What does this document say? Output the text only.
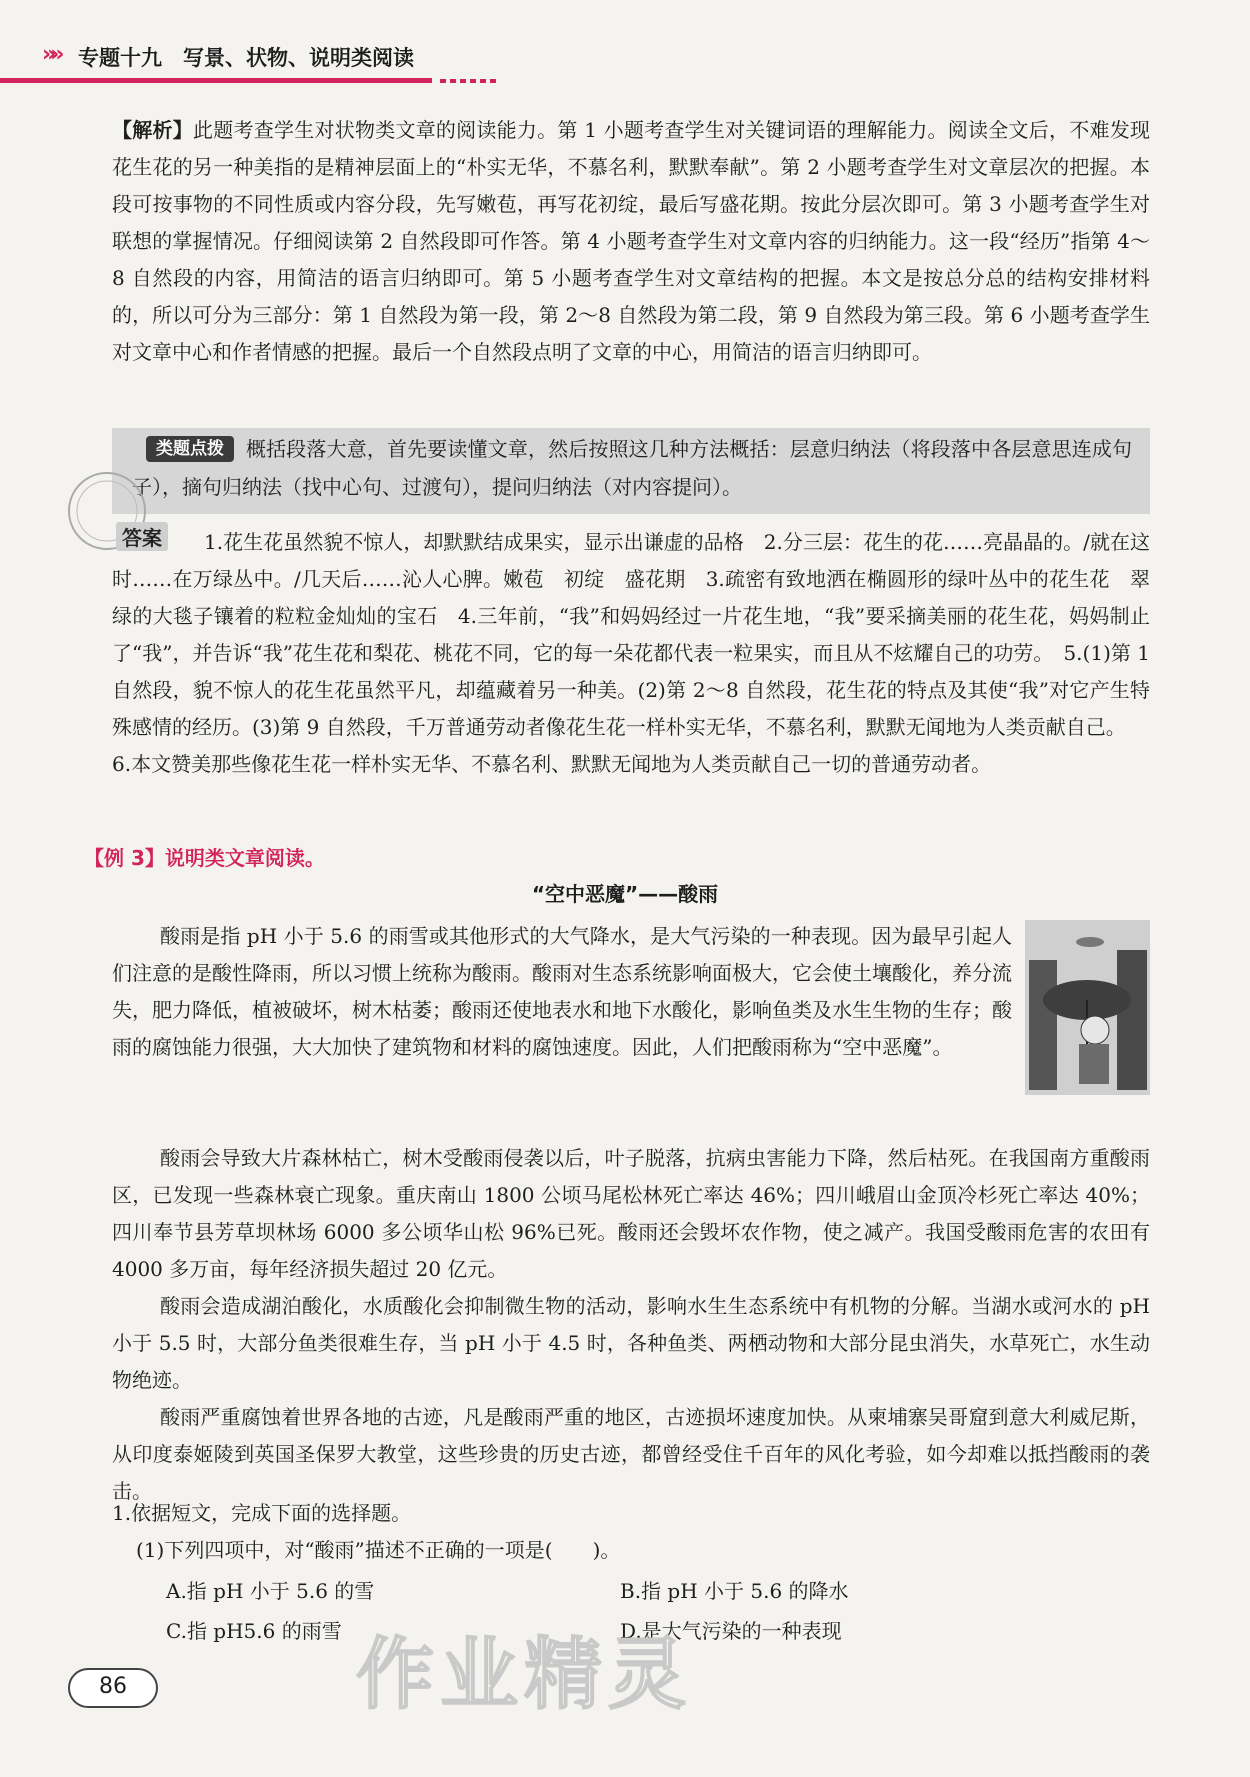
»» 专题十九　写景、状物、说明类阅读

【解析】此题考查学生对状物类文章的阅读能力。第 1 小题考查学生对关键词语的理解能力。阅读全文后，不难发现花生花的另一种美指的是精神层面上的“朴实无华，不慕名利，默默奉献”。第 2 小题考查学生对文章层次的把握。本段可按事物的不同性质或内容分段，先写嫩苞，再写花初绽，最后写盛花期。按此分层次即可。第 3 小题考查学生对联想的掌握情况。仔细阅读第 2 自然段即可作答。第 4 小题考查学生对文章内容的归纳能力。这一段“经历”指第 4～8 自然段的内容，用简洁的语言归纳即可。第 5 小题考查学生对文章结构的把握。本文是按总分总的结构安排材料的，所以可分为三部分：第 1 自然段为第一段，第 2～8 自然段为第二段，第 9 自然段为第三段。第 6 小题考查学生对文章中心和作者情感的把握。最后一个自然段点明了文章的中心，用简洁的语言归纳即可。

概括段落大意，首先要读懂文章，然后按照这几种方法概括：层意归纳法（将段落中各层意思连成句子），摘句归纳法（找中心句、过渡句），提问归纳法（对内容提问）。
类题点拨
答案	1.花生花虽然貌不惊人，却默默结成果实，显示出谦虚的品格　2.分三层：花生的花……亮晶晶的。/就在这时……在万绿丛中。/几天后……沁人心脾。嫩苞　初绽　盛花期　3.疏密有致地洒在椭圆形的绿叶丛中的花生花　翠绿的大毯子镶着的粒粒金灿灿的宝石　4.三年前，“我”和妈妈经过一片花生地，“我”要采摘美丽的花生花，妈妈制止了“我”，并告诉“我”花生花和梨花、桃花不同，它的每一朵花都代表一粒果实，而且从不炫耀自己的功劳。　5.(1)第 1 自然段，貌不惊人的花生花虽然平凡，却蕴藏着另一种美。(2)第 2～8 自然段，花生花的特点及其使“我”对它产生特殊感情的经历。(3)第 9 自然段，千万普通劳动者像花生花一样朴实无华，不慕名利，默默无闻地为人类贡献自己。

6.本文赞美那些像花生花一样朴实无华、不慕名利、默默无闻地为人类贡献自己一切的普通劳动者。

【例 3】说明类文章阅读。
“空中恶魔”——酸雨

酸雨是指 pH 小于 5.6 的雨雪或其他形式的大气降水，是大气污染的一种表现。因为最早引起人们注意的是酸性降雨，所以习惯上统称为酸雨。酸雨对生态系统影响面极大，它会使土壤酸化，养分流失，肥力降低，植被破坏，树木枯萎；酸雨还使地表水和地下水酸化，影响鱼类及水生生物的生存；酸雨的腐蚀能力很强，大大加快了建筑物和材料的腐蚀速度。因此，人们把酸雨称为“空中恶魔”。

酸雨会导致大片森林枯亡，树木受酸雨侵袭以后，叶子脱落，抗病虫害能力下降，然后枯死。在我国南方重酸雨区，已发现一些森林衰亡现象。重庆南山 1800 公顷马尾松林死亡率达 46%；四川峨眉山金顶冷杉死亡率达 40%；四川奉节县芳草坝林场 6000 多公顷华山松 96%已死。酸雨还会毁坏农作物，使之减产。我国受酸雨危害的农田有 4000 多万亩，每年经济损失超过 20 亿元。

酸雨会造成湖泊酸化，水质酸化会抑制微生物的活动，影响水生生态系统中有机物的分解。当湖水或河水的 pH 小于 5.5 时，大部分鱼类很难生存，当 pH 小于 4.5 时，各种鱼类、两栖动物和大部分昆虫消失，水草死亡，水生动物绝迹。

酸雨严重腐蚀着世界各地的古迹，凡是酸雨严重的地区，古迹损坏速度加快。从柬埔寨吴哥窟到意大利威尼斯，从印度泰姬陵到英国圣保罗大教堂，这些珍贵的历史古迹，都曾经受住千百年的风化考验，如今却难以抵挡酸雨的袭击。

1.依据短文，完成下面的选择题。

(1)下列四项中，对“酸雨”描述不正确的一项是(　　)。

A.指 pH 小于 5.6 的雪	B.指 pH 小于 5.6 的降水
C.指 pH5.6 的雨雪	D.是大气污染的一种表现
作业精灵
86
